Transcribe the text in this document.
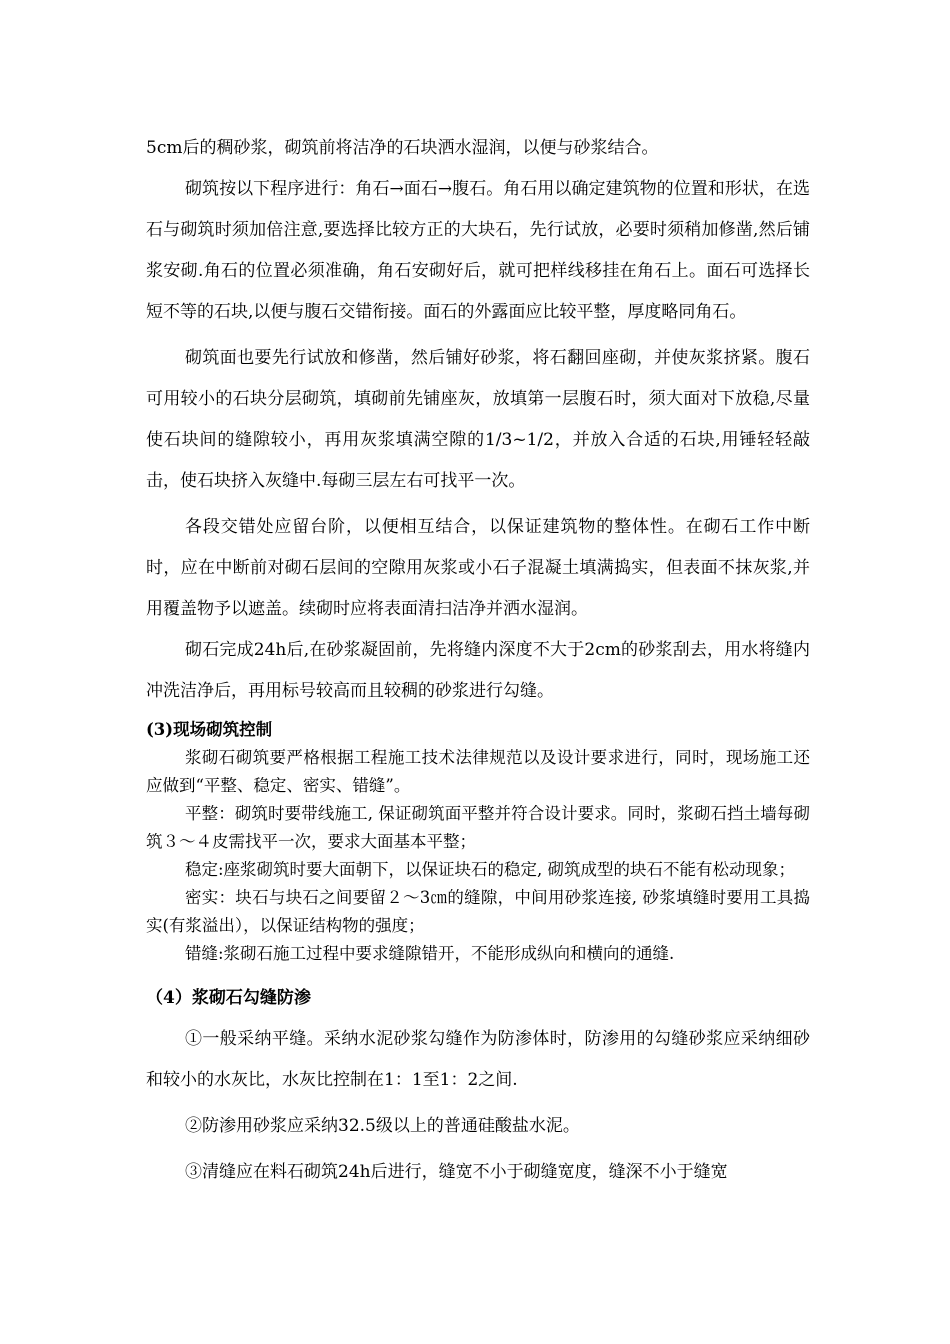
5cm后的稠砂浆，砌筑前将洁净的石块洒水湿润，以便与砂浆结合。

砌筑按以下程序进行：角石→面石→腹石。角石用以确定建筑物的位置和形状，在选石与砌筑时须加倍注意,要选择比较方正的大块石，先行试放，必要时须稍加修凿,然后铺浆安砌.角石的位置必须准确，角石安砌好后，就可把样线移挂在角石上。面石可选择长短不等的石块,以便与腹石交错衔接。面石的外露面应比较平整，厚度略同角石。

砌筑面也要先行试放和修凿，然后铺好砂浆，将石翻回座砌，并使灰浆挤紧。腹石可用较小的石块分层砌筑，填砌前先铺座灰，放填第一层腹石时，须大面对下放稳,尽量使石块间的缝隙较小，再用灰浆填满空隙的1/3~1/2，并放入合适的石块,用锤轻轻敲击，使石块挤入灰缝中.每砌三层左右可找平一次。

各段交错处应留台阶，以便相互结合，以保证建筑物的整体性。在砌石工作中断时，应在中断前对砌石层间的空隙用灰浆或小石子混凝土填满捣实，但表面不抹灰浆,并用覆盖物予以遮盖。续砌时应将表面清扫洁净并洒水湿润。

砌石完成24h后,在砂浆凝固前，先将缝内深度不大于2cm的砂浆刮去，用水将缝内冲洗洁净后，再用标号较高而且较稠的砂浆进行勾缝。

(3)现场砌筑控制

浆砌石砌筑要严格根据工程施工技术法律规范以及设计要求进行，同时，现场施工还应做到“平整、稳定、密实、错缝”。

平整：砌筑时要带线施工, 保证砌筑面平整并符合设计要求。同时，浆砌石挡土墙每砌筑３～４皮需找平一次，要求大面基本平整；

稳定:座浆砌筑时要大面朝下，以保证块石的稳定, 砌筑成型的块石不能有松动现象；

密实：块石与块石之间要留２～3㎝的缝隙，中间用砂浆连接, 砂浆填缝时要用工具捣实(有浆溢出），以保证结构物的强度；

错缝:浆砌石施工过程中要求缝隙错开，不能形成纵向和横向的通缝.

（4）浆砌石勾缝防渗

①一般采纳平缝。采纳水泥砂浆勾缝作为防渗体时，防渗用的勾缝砂浆应采纳细砂和较小的水灰比，水灰比控制在1：1至1：2之间.

②防渗用砂浆应采纳32.5级以上的普通硅酸盐水泥。

③清缝应在料石砌筑24h后进行，缝宽不小于砌缝宽度，缝深不小于缝宽
